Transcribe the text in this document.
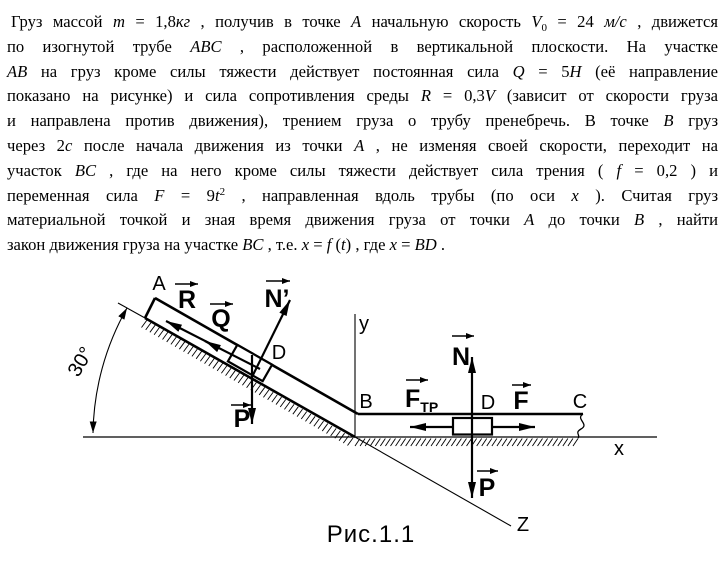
Груз массой m = 1,8кг , получив в точке A начальную скорость $V_0 = 24$ м/с , движется
по изогнутой трубе ABC , расположенной в вертикальной плоскости. На участке
AB на груз кроме силы тяжести действует постоянная сила Q = 5Н (её направление
показано на рисунке) и сила сопротивления среды R = 0,3V (зависит от скорости груза
и направлена против движения), трением груза о трубу пренебречь. В точке B груз
через 2с после начала движения из точки A , не изменяя своей скорости, переходит на
участок BC , где на него кроме силы тяжести действует сила трения ( f = 0,2 ) и
переменная сила $F = 9t^2$ , направленная вдоль трубы (по оси x ). Считая груз
материальной точкой и зная время движения груза от точки A до точки B , найти
закон движения груза на участке BC , т.е. x = f (t) , где x = BD .
A
B	C
D
D
y
x
Z
30°
R
Q
N’
P
N
P
F
$F_{ТР}$
Рис.1.1
